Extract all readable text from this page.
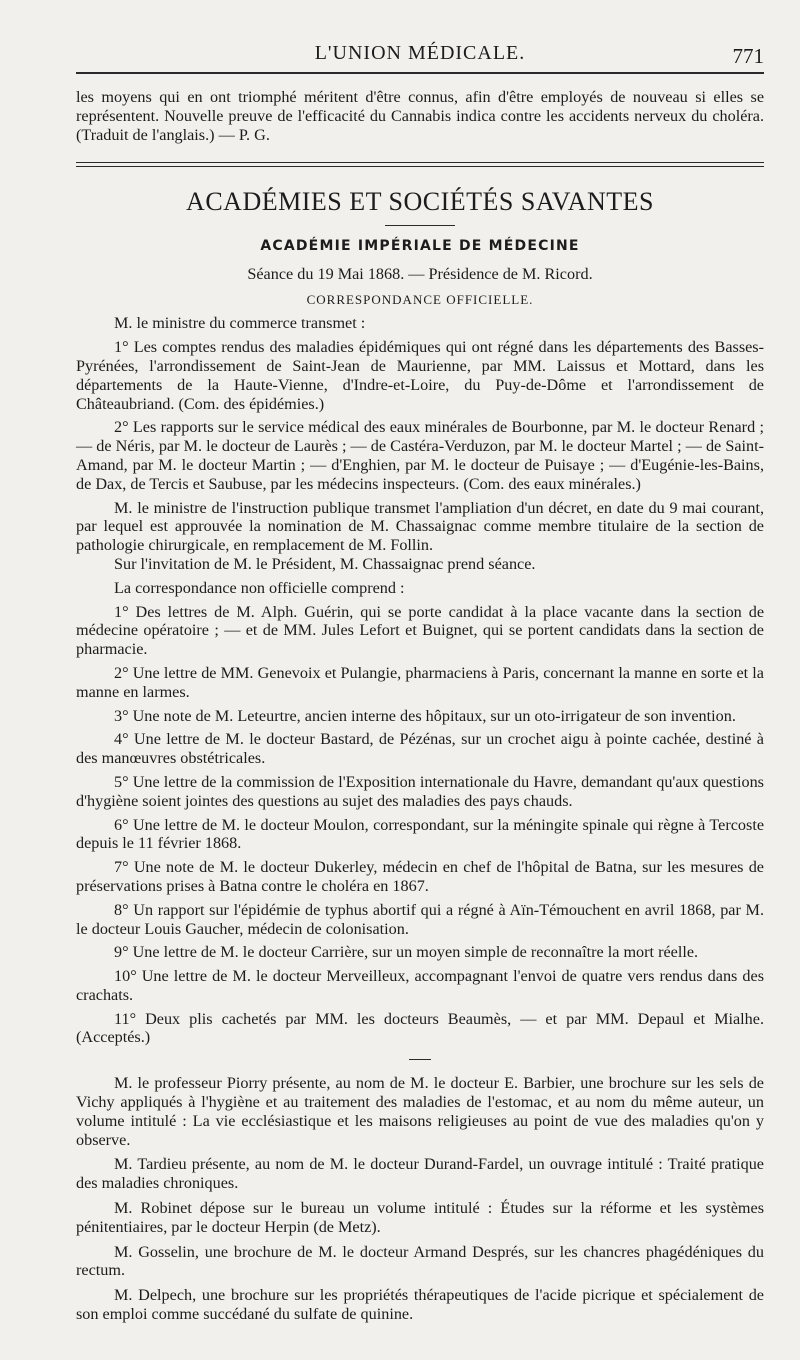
L'UNION MÉDICALE.	771

les moyens qui en ont triomphé méritent d'être connus, afin d'être employés de nouveau si elles se représentent. Nouvelle preuve de l'efficacité du Cannabis indica contre les accidents nerveux du choléra. (Traduit de l'anglais.) — P. G.

ACADÉMIES ET SOCIÉTÉS SAVANTES
ACADÉMIE IMPÉRIALE DE MÉDECINE
Séance du 19 Mai 1868. — Présidence de M. Ricord.
CORRESPONDANCE OFFICIELLE.

M. le ministre du commerce transmet :

1° Les comptes rendus des maladies épidémiques qui ont régné dans les départements des Basses-Pyrénées, l'arrondissement de Saint-Jean de Maurienne, par MM. Laissus et Mottard, dans les départements de la Haute-Vienne, d'Indre-et-Loire, du Puy-de-Dôme et l'arrondissement de Châteaubriand. (Com. des épidémies.)

2° Les rapports sur le service médical des eaux minérales de Bourbonne, par M. le docteur Renard ; — de Néris, par M. le docteur de Laurès ; — de Castéra-Verduzon, par M. le docteur Martel ; — de Saint-Amand, par M. le docteur Martin ; — d'Enghien, par M. le docteur de Puisaye ; — d'Eugénie-les-Bains, de Dax, de Tercis et Saubuse, par les médecins inspecteurs. (Com. des eaux minérales.)

M. le ministre de l'instruction publique transmet l'ampliation d'un décret, en date du 9 mai courant, par lequel est approuvée la nomination de M. Chassaignac comme membre titulaire de la section de pathologie chirurgicale, en remplacement de M. Follin.

Sur l'invitation de M. le Président, M. Chassaignac prend séance.

La correspondance non officielle comprend :

1° Des lettres de M. Alph. Guérin, qui se porte candidat à la place vacante dans la section de médecine opératoire ; — et de MM. Jules Lefort et Buignet, qui se portent candidats dans la section de pharmacie.

2° Une lettre de MM. Genevoix et Pulangie, pharmaciens à Paris, concernant la manne en sorte et la manne en larmes.

3° Une note de M. Leteurtre, ancien interne des hôpitaux, sur un oto-irrigateur de son invention.

4° Une lettre de M. le docteur Bastard, de Pézénas, sur un crochet aigu à pointe cachée, destiné à des manœuvres obstétricales.

5° Une lettre de la commission de l'Exposition internationale du Havre, demandant qu'aux questions d'hygiène soient jointes des questions au sujet des maladies des pays chauds.

6° Une lettre de M. le docteur Moulon, correspondant, sur la méningite spinale qui règne à Tercoste depuis le 11 février 1868.

7° Une note de M. le docteur Dukerley, médecin en chef de l'hôpital de Batna, sur les mesures de préservations prises à Batna contre le choléra en 1867.

8° Un rapport sur l'épidémie de typhus abortif qui a régné à Aïn-Témouchent en avril 1868, par M. le docteur Louis Gaucher, médecin de colonisation.

9° Une lettre de M. le docteur Carrière, sur un moyen simple de reconnaître la mort réelle.

10° Une lettre de M. le docteur Merveilleux, accompagnant l'envoi de quatre vers rendus dans des crachats.

11° Deux plis cachetés par MM. les docteurs Beaumès, — et par MM. Depaul et Mialhe. (Acceptés.)

M. le professeur Piorry présente, au nom de M. le docteur E. Barbier, une brochure sur les sels de Vichy appliqués à l'hygiène et au traitement des maladies de l'estomac, et au nom du même auteur, un volume intitulé : La vie ecclésiastique et les maisons religieuses au point de vue des maladies qu'on y observe.

M. Tardieu présente, au nom de M. le docteur Durand-Fardel, un ouvrage intitulé : Traité pratique des maladies chroniques.

M. Robinet dépose sur le bureau un volume intitulé : Études sur la réforme et les systèmes pénitentiaires, par le docteur Herpin (de Metz).

M. Gosselin, une brochure de M. le docteur Armand Després, sur les chancres phagédéniques du rectum.

M. Delpech, une brochure sur les propriétés thérapeutiques de l'acide picrique et spécialement de son emploi comme succédané du sulfate de quinine.
